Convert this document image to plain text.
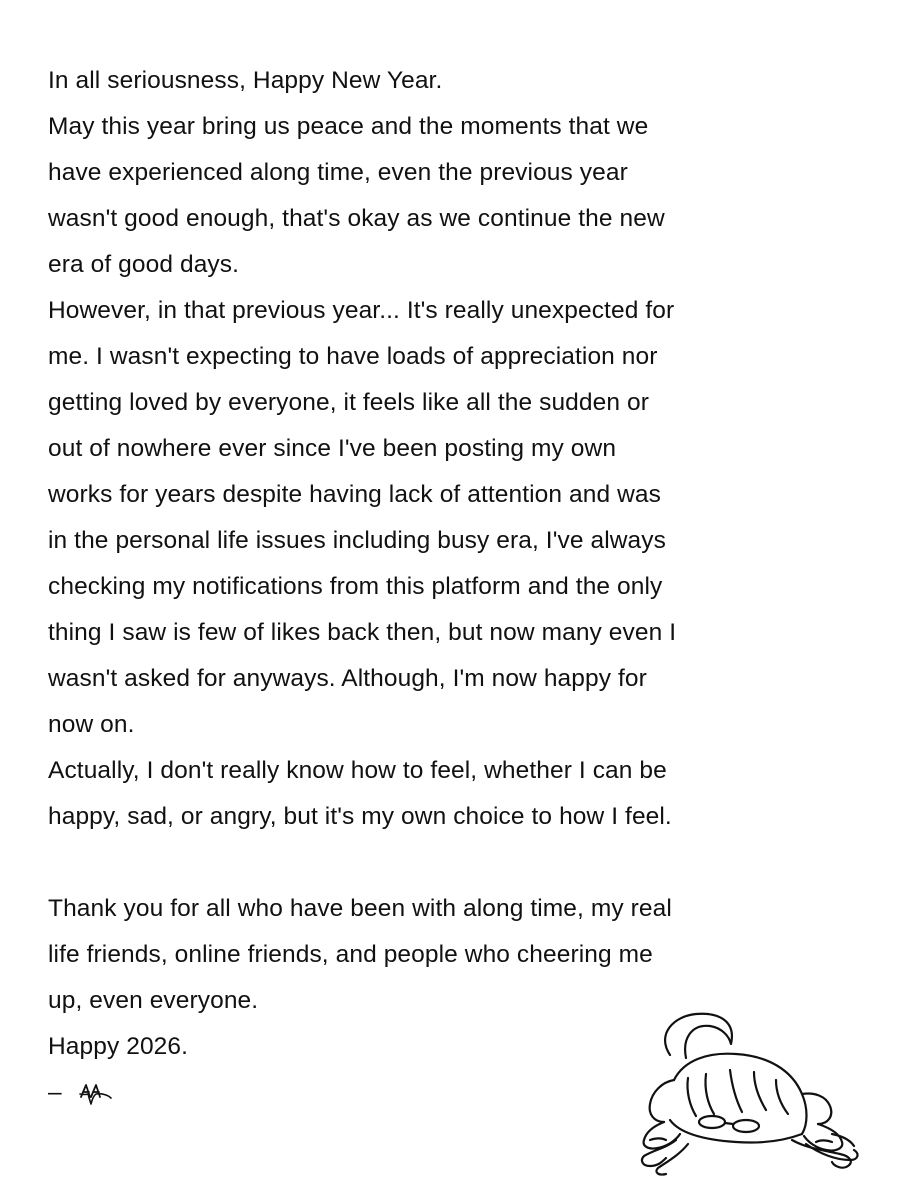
In all seriousness, Happy New Year.
May this year bring us peace and the moments that we
have experienced along time, even the previous year
wasn't good enough, that's okay as we continue the new
era of good days.
However, in that previous year... It's really unexpected for
me. I wasn't expecting to have loads of appreciation nor
getting loved by everyone, it feels like all the sudden or
out of nowhere ever since I've been posting my own
works for years despite having lack of attention and was
in the personal life issues including busy era, I've always
checking my notifications from this platform and the only
thing I saw is few of likes back then, but now many even I
wasn't asked for anyways. Although, I'm now happy for
now on.
Actually, I don't really know how to feel, whether I can be
happy, sad, or angry, but it's my own choice to how I feel.
Thank you for all who have been with along time, my real
life friends, online friends, and people who cheering me
up, even everyone.
Happy 2026.
–
